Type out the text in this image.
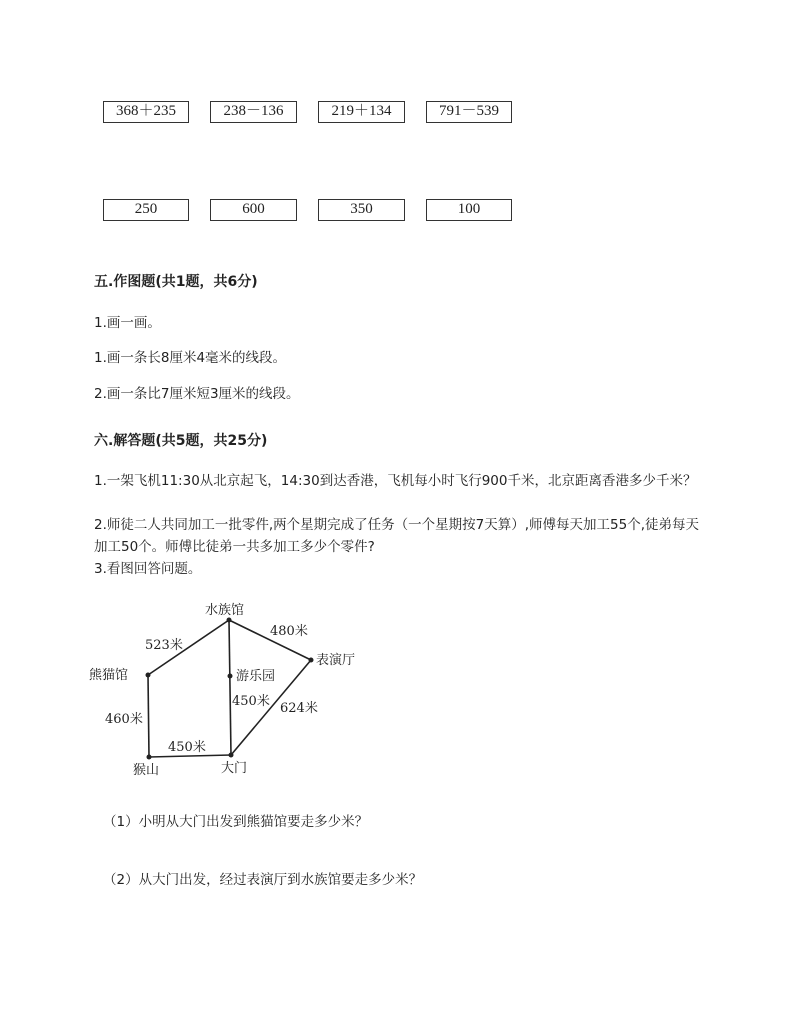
368＋235	238－136	219＋134	791－539
250	600	350	100
五.作图题(共1题，共6分)
1.画一画。
1.画一条长8厘米4毫米的线段。
2.画一条比7厘米短3厘米的线段。
六.解答题(共5题，共25分)
1.一架飞机11:30从北京起飞，14:30到达香港，飞机每小时飞行900千米，北京距离香港多少千米？
2.师徒二人共同加工一批零件,两个星期完成了任务（一个星期按7天算）,师傅每天加工55个,徒弟每天加工50个。师傅比徒弟一共多加工多少个零件?
3.看图回答问题。
水族馆
熊猫馆	游乐园
表演厅
猴山	大门
523米
480米
450米 624米
460米
450米
（1）小明从大门出发到熊猫馆要走多少米？
（2）从大门出发，经过表演厅到水族馆要走多少米？
